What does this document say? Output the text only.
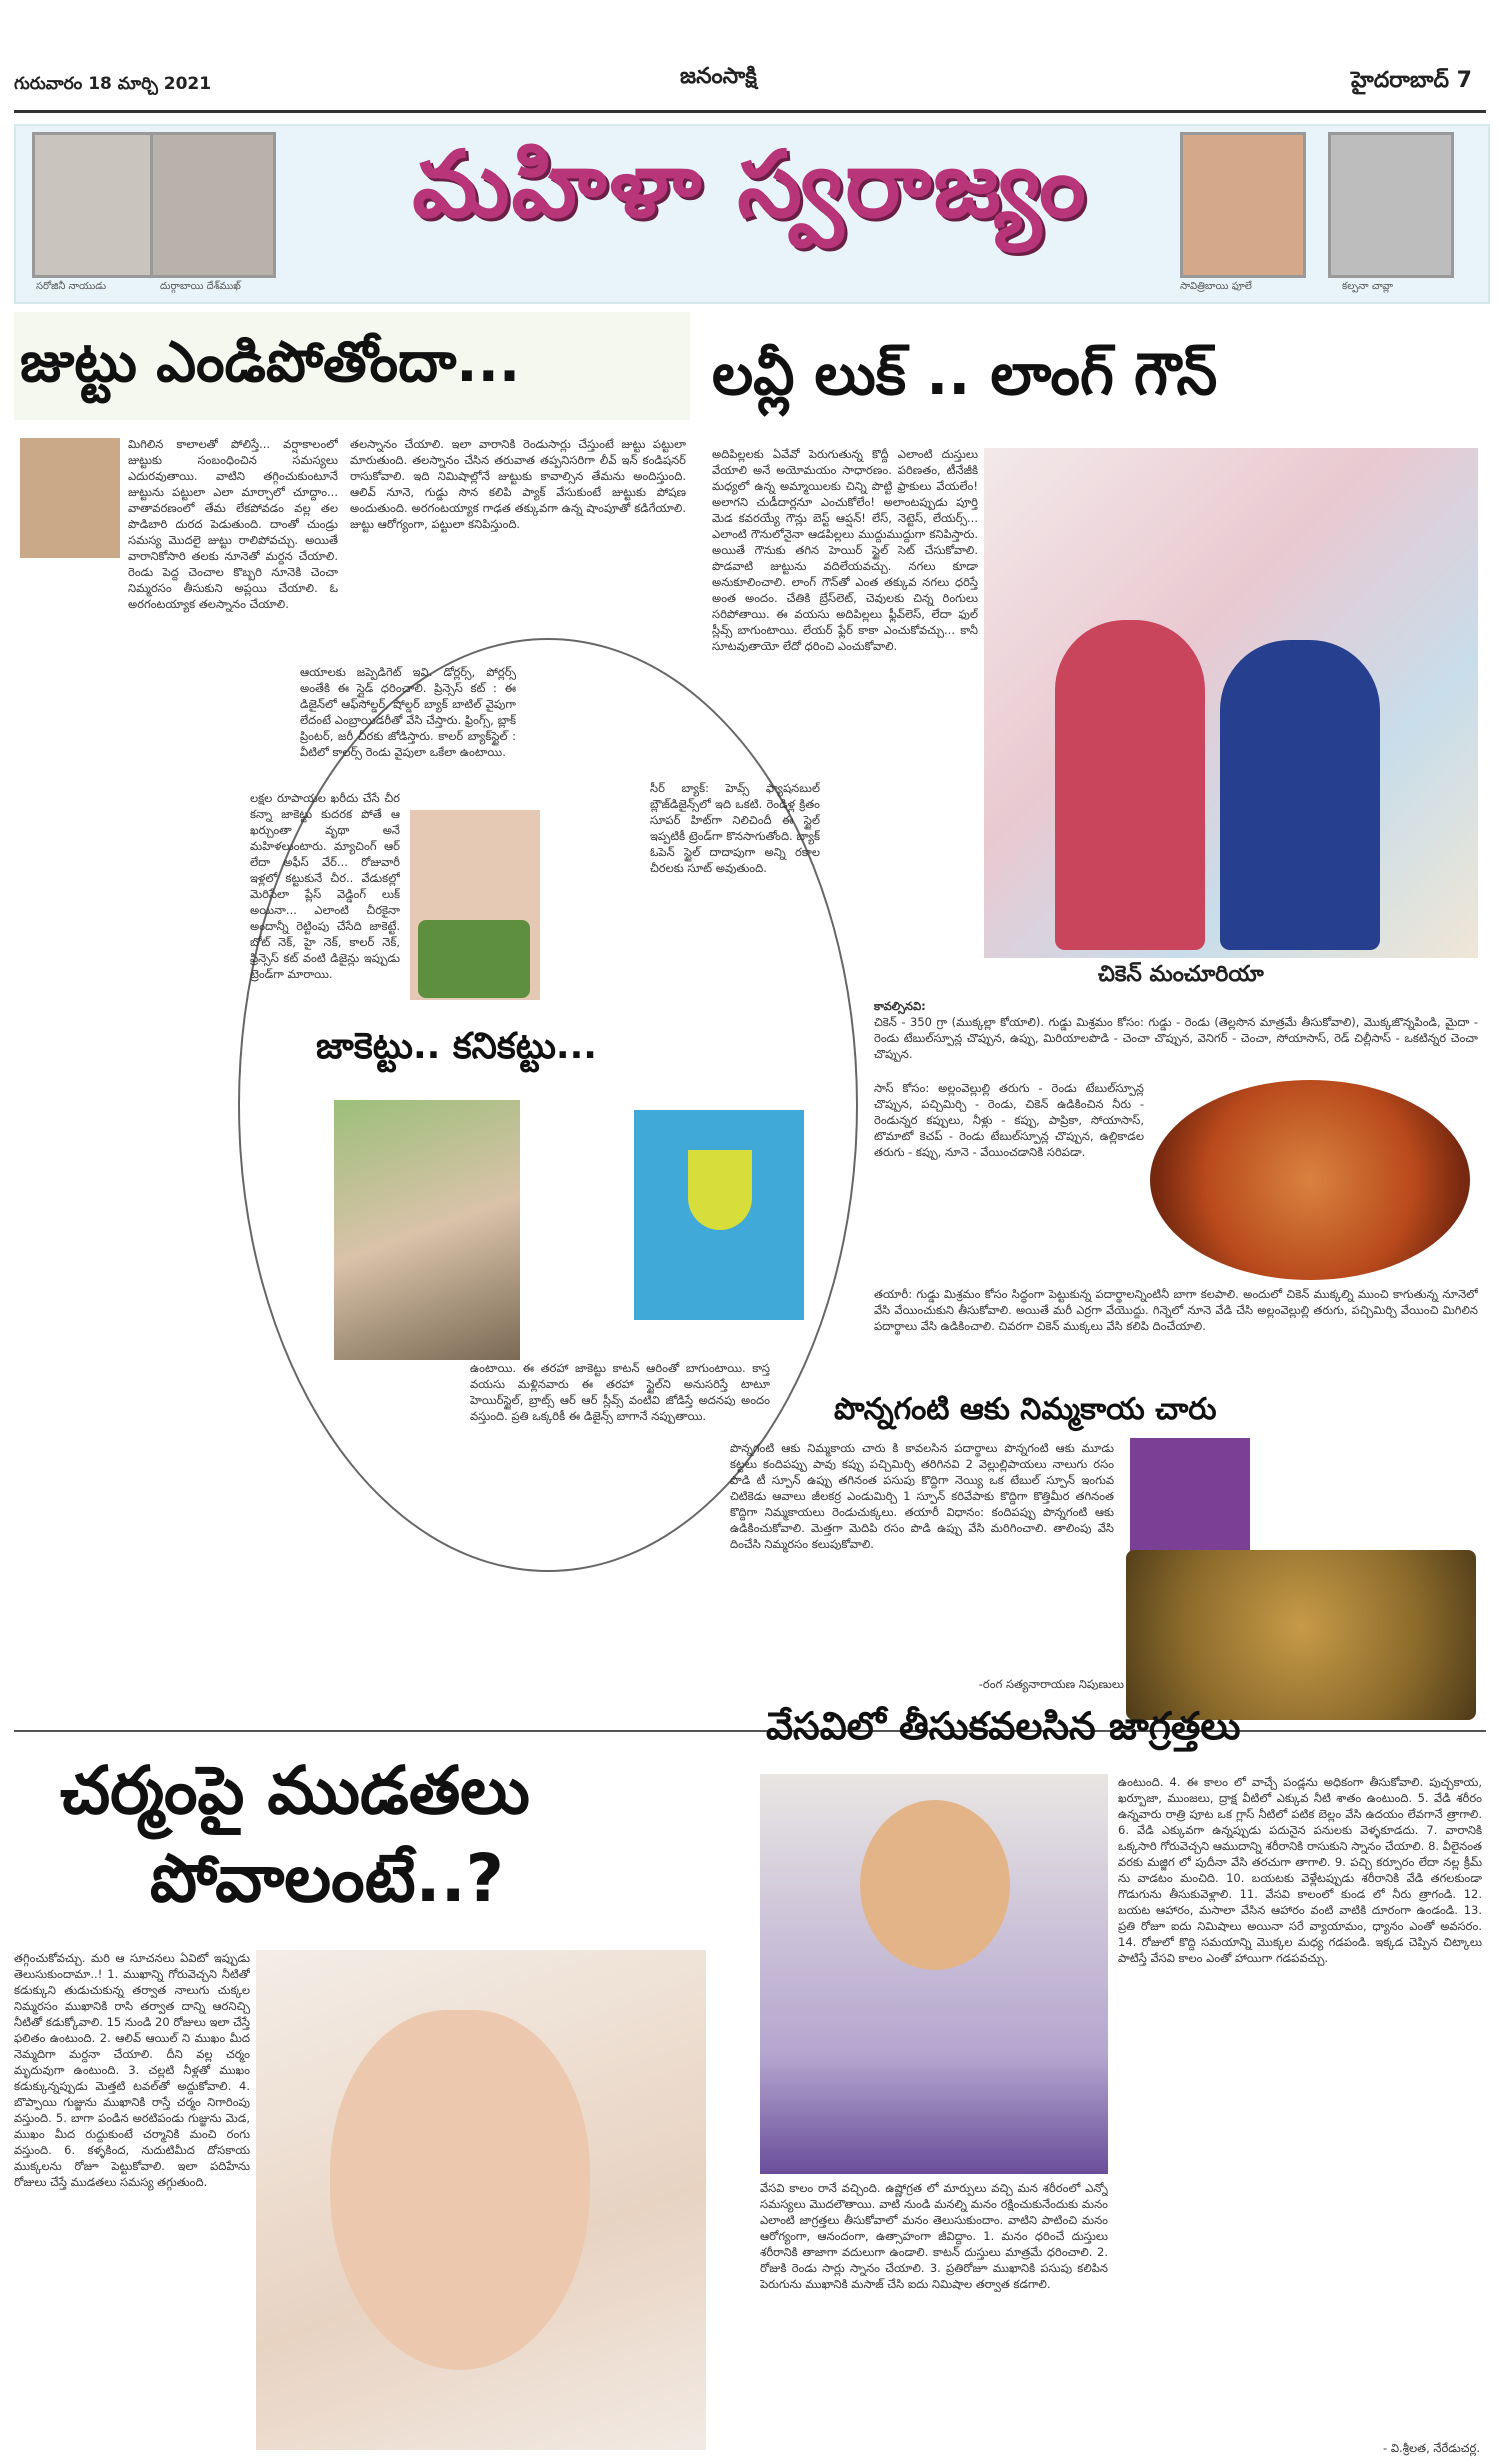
గురువారం 18 మార్చి 2021	జనంసాక్షి	హైదరాబాద్ 7
సరోజినీ నాయుడు	దుర్గాబాయి దేశ్‌ముఖ్	సావిత్రిబాయి ఫూలే	కల్పనా చావ్లా
మహిళా స్వరాజ్యం
జుట్టు ఎండిపోతోందా...
మిగిలిన కాలాలతో పోలిస్తే... వర్షాకాలంలో జుట్టుకు సంబంధించిన సమస్యలు ఎదురవుతాయి. వాటిని తగ్గించుకుంటూనే జుట్టును పట్టులా ఎలా మార్చాలో చూద్దాం... వాతావరణంలో తేమ లేకపోవడం వల్ల తల పొడిబారి దురద పెడుతుంది. దాంతో చుండ్రు సమస్య మొదలై జుట్టు రాలిపోవచ్చు. అయితే వారానికోసారి తలకు నూనెతో మర్దన చేయాలి. రెండు పెద్ద చెంచాల కొబ్బరి నూనెకి చెంచా నిమ్మరసం తీసుకుని అప్లయి చేయాలి. ఓ అరగంటయ్యాక తలస్నానం చేయాలి.
తలస్నానం చేయాలి. ఇలా వారానికి రెండుసార్లు చేస్తుంటే జుట్టు పట్టులా మారుతుంది. తలస్నానం చేసిన తరువాత తప్పనిసరిగా లీవ్ ఇన్ కండిషనర్ రాసుకోవాలి. ఇది నిమిషాల్లోనే జుట్టుకు కావాల్సిన తేమను అందిస్తుంది. ఆలివ్ నూనె, గుడ్డు సొన కలిపి ప్యాక్ వేసుకుంటే జుట్టుకు పోషణ అందుతుంది. అరగంటయ్యాక గాఢత తక్కువగా ఉన్న షాంపూతో కడిగేయాలి. జుట్టు ఆరోగ్యంగా, పట్టులా కనిపిస్తుంది.
లవ్లీ లుక్ .. లాంగ్ గౌన్
అదిపిల్లలకు ఏవేవో పెరుగుతున్న కొద్దీ ఎలాంటి దుస్తులు వేయాలి అనే అయోమయం సాధారణం. పరిణతం, టీనేజీకి మధ్యలో ఉన్న అమ్మాయిలకు చిన్ని పొట్టి ఫ్రాకులు వేయలేం! అలాగని చుడీదార్లనూ ఎంచుకోలేం! అలాంటప్పుడు పూర్తి మెడ కవరయ్యే గౌన్లు బెస్ట్ ఆప్షన్! లేస్, నెట్టెస్, లేయర్స్... ఎలాంటి గౌనులోనైనా ఆడపిల్లలు ముద్దుముద్దుగా కనిపిస్తారు. అయితే గౌనుకు తగిన హెయిర్ స్టైల్ సెట్ చేసుకోవాలి. పొడవాటి జుట్టును వదిలేయవచ్చు. నగలు కూడా అనుకూలించాలి. లాంగ్ గౌన్‌తో ఎంత తక్కువ నగలు ధరిస్తే అంత అందం. చేతికి బ్రేస్‌లెట్, చెవులకు చిన్న రింగులు సరిపోతాయి. ఈ వయసు అదిపిల్లలు ఫ్లీవ్‌లెస్, లేదా ఫుల్ స్లీవ్స్ బాగుంటాయి. లేయర్ ఫ్లేర్ కాకా ఎంచుకోవచ్చు... కానీ సూటవుతాయో లేదో ధరించి ఎంచుకోవాలి.
జాకెట్టు.. కనికట్టు...
ఆయాలకు జప్పెడిగెట్ ఇవి. డోర్లర్స్, పోర్లర్స్ అంతేకి ఈ స్లైడ్ ధరించాలి. ప్రిన్సెస్ కట్ : ఈ డిజైన్‌లో ఆఫ్‌సోల్డర్, షోల్డర్ బ్యాక్ బాటిల్ వైపుగా లేదంటే ఎంబ్రాయిడరీతో వేసి చేస్తారు. ఫ్రింగ్స్, బ్లాక్ ప్రింటర్, జరీ చీరకు జోడిస్తారు. కాలర్ బ్యాక్‌స్టైల్ : వీటిలో కాలర్స్ రెండు వైపులా ఒకేలా ఉంటాయి.
లక్షల రూపాయల ఖరీదు చేసే చీర కన్నా జాకెట్టు కుదరక పోతే ఆ ఖర్చుంతా వృథా అనే మహిళలుంటారు. మ్యాచింగ్ ఆర్ లేదా అఫీస్ వేర్... రోజువారీ ఇళ్లలో కట్టుకునే చీర.. వేడుకల్లో మెరిసేలా ప్లేస్ వెడ్డింగ్ లుక్ అయినా... ఎలాంటి చీరకైనా అందాన్నీ రెట్టింపు చేసేది జాకెట్టే. బోట్ నెక్, హై నెక్, కాలర్ నెక్, ప్రిన్సెస్ కట్ వంటి డిజైన్లు ఇప్పుడు ట్రెండ్‌గా మారాయి.
సీర్ బ్యాక్: హెవ్స్ ఫ్యాషనబుల్ బ్లౌజ్‌డిజైన్స్‌లో ఇది ఒకటి. రెండిళ్ల క్రితం సూపర్ హిట్‌గా నిలిచిందీ ఈ స్టైల్ ఇప్పటికీ ట్రెండ్‌గా కొనసాగుతోంది. బ్యాక్ ఓపెన్ స్టైల్ దాదాపుగా అన్ని రకాల చీరలకు సూట్ అవుతుంది.
ఉంటాయి. ఈ తరహా జాకెట్టు కాటన్ ఆరింతో బాగుంటాయి. కాస్త వయసు మళ్లినవారు ఈ తరహా స్టైల్‌ని అనుసరిస్తే టాటూ హెయిర్‌స్టైల్, బ్రాట్స్ ఆర్ ఆర్ స్లీవ్స్ వంటివి జోడిస్తే అదనపు అందం వస్తుంది. ప్రతి ఒక్కరికీ ఈ డిజైన్స్ బాగానే నప్పుతాయి.
చికెన్ మంచూరియా
కావల్సినవి:
చికెన్ - 350 గ్రా (ముక్కల్లా కోయాలి). గుడ్డు మిశ్రమం కోసం: గుడ్డు - రెండు (తెల్లసొన మాత్రమే తీసుకోవాలి), మొక్కజొన్నపిండి, మైదా - రెండు టేబుల్‌స్పూన్ల చొప్పున, ఉప్పు, మిరియాలపొడి - చెంచా చొప్పున, వెనిగర్ - చెంచా, సోయాసాస్, రెడ్ చిల్లీసాస్ - ఒకటిన్నర చెంచా చొప్పున.
సాస్ కోసం: అల్లంవెల్లుల్లి తరుగు - రెండు టేబుల్‌స్పూన్ల చొప్పున, పచ్చిమిర్చి - రెండు, చికెన్ ఉడికించిన నీరు - రెండున్నర కప్పులు, నీళ్లు - కప్పు, పాప్రికా, సోయాసాస్, టొమాటో కెచప్ - రెండు టేబుల్‌స్పూన్ల చొప్పున, ఉల్లికాడల తరుగు - కప్పు, నూనె - వేయించడానికి సరిపడా.
తయారీ: గుడ్డు మిశ్రమం కోసం సిద్ధంగా పెట్టుకున్న పదార్థాలన్నింటినీ బాగా కలపాలి. అందులో చికెన్ ముక్కల్ని ముంచి కాగుతున్న నూనెలో వేసి వేయించుకుని తీసుకోవాలి. అయితే మరీ ఎర్రగా వేయొద్దు. గిన్నెలో నూనె వేడి చేసి అల్లంవెల్లుల్లి తరుగు, పచ్చిమిర్చి వేయించి మిగిలిన పదార్థాలు వేసి ఉడికించాలి. చివరగా చికెన్ ముక్కలు వేసి కలిపి దించేయాలి.
పొన్నగంటి ఆకు నిమ్మకాయ చారు
పొన్నగంటి ఆకు నిమ్మకాయ చారు కి కావలసిన పదార్థాలు పొన్నగంటి ఆకు మూడు కట్టలు కందిపప్పు పావు కప్పు పచ్చిమిర్చి తరిగినవి 2 వెల్లుల్లిపాయలు నాలుగు రసం పొడి టీ స్పూన్ ఉప్పు తగినంత పసుపు కొద్దిగా నెయ్యి ఒక టేబుల్ స్పూన్ ఇంగువ చిటికెడు ఆవాలు జీలకర్ర ఎండుమిర్చి 1 స్పూన్ కరివేపాకు కొద్దిగా కొత్తిమీర తగినంత కొద్దిగా నిమ్మకాయలు రెండుచుక్కలు. తయారీ విధానం: కందిపప్పు పొన్నగంటి ఆకు ఉడికించుకోవాలి. మెత్తగా మెదిపి రసం పొడి ఉప్పు వేసి మరిగించాలి. తాలింపు వేసి దించేసి నిమ్మరసం కలుపుకోవాలి.
-రంగ సత్యనారాయణ నిపుణులు
చర్మంపై ముడతలు
పోవాలంటే..?
తగ్గించుకోవచ్చు. మరి ఆ సూచనలు ఏవిటో ఇప్పుడు తెలుసుకుందామా..! 1. ముఖాన్ని గోరువెచ్చని నీటితో కడుక్కుని తుడుచుకున్న తర్వాత నాలుగు చుక్కల నిమ్మరసం ముఖానికి రాసి తర్వాత దాన్ని ఆరనిచ్చి నీటితో కడుక్కోవాలి. 15 నుండి 20 రోజులు ఇలా చేస్తే ఫలితం ఉంటుంది. 2. ఆలివ్ ఆయిల్ ని ముఖం మీద నెమ్మదిగా మర్దనా చేయాలి. దీని వల్ల చర్మం మృదువుగా ఉంటుంది. 3. చల్లటి నీళ్లతో ముఖం కడుక్కున్నప్పుడు మెత్తటి టవల్‌తో అద్దుకోవాలి. 4. బొప్పాయి గుజ్జును ముఖానికి రాస్తే చర్మం నిగారింపు వస్తుంది. 5. బాగా పండిన అరటిపండు గుజ్జును మెడ, ముఖం మీద రుద్దుకుంటే చర్మానికి మంచి రంగు వస్తుంది. 6. కళ్ళకింద, నుదుటిమీద దోసకాయ ముక్కలను రోజూ పెట్టుకోవాలి. ఇలా పదిహేను రోజులు చేస్తే ముడతలు సమస్య తగ్గుతుంది.
వేసవిలో తీసుకవలసిన జాగ్రత్తలు
వేసవి కాలం రానే వచ్చింది. ఉష్ణోగ్రత లో మార్పులు వచ్చి మన శరీరంలో ఎన్నో సమస్యలు మొదలౌతాయి. వాటి నుండి మనల్ని మనం రక్షించుకునేందుకు మనం ఎలాంటి జాగ్రత్తలు తీసుకోవాలో మనం తెలుసుకుందాం. వాటిని పాటించి మనం ఆరోగ్యంగా, ఆనందంగా, ఉత్సాహంగా జీవిద్దాం. 1. మనం ధరించే దుస్తులు శరీరానికి తాజాగా వదులుగా ఉండాలి. కాటన్ దుస్తులు మాత్రమే ధరించాలి. 2. రోజుకి రెండు సార్లు స్నానం చేయాలి. 3. ప్రతిరోజూ ముఖానికి పసుపు కలిపిన పెరుగును ముఖానికి మసాజ్ చేసి ఐదు నిమిషాల తర్వాత కడగాలి.
ఉంటుంది. 4. ఈ కాలం లో వాచ్చే పండ్లను అధికంగా తీసుకోవాలి. పుచ్చకాయ, ఖర్బూజా, ముంజలు, ద్రాక్ష వీటిలో ఎక్కువ నీటి శాతం ఉంటుంది. 5. వేడి శరీరం ఉన్నవారు రాత్రి పూట ఒక గ్లాస్ నీటిలో పటిక బెల్లం వేసి ఉదయం లేవగానే త్రాగాలి. 6. వేడి ఎక్కువగా ఉన్నప్పుడు పదునైన పనులకు వెళ్ళకూడదు. 7. వారానికి ఒక్కసారి గోరువెచ్చని ఆముదాన్ని శరీరానికి రాసుకుని స్నానం చేయాలి. 8. వీలైనంత వరకు మజ్జిగ లో పుదీనా వేసి తరచుగా తాగాలి. 9. పచ్చి కర్పూరం లేదా నల్ల క్రీమ్ ను వాడటం మంచిది. 10. బయటకు వెళ్లేటప్పుడు శరీరానికి వేడి తగలకుండా గొడుగును తీసుకువెళ్లాలి. 11. వేసవి కాలంలో కుండ లో నీరు త్రాగండి. 12. బయట ఆహారం, మసాలా వేసిన ఆహారం వంటి వాటికి దూరంగా ఉండండి. 13. ప్రతి రోజూ ఐదు నిమిషాలు అయినా సరే వ్యాయామం, ధ్యానం ఎంతో అవసరం. 14. రోజులో కొద్ది సమయాన్ని మొక్కల మధ్య గడపండి. ఇక్కడ చెప్పిన చిట్కాలు పాటిస్తే వేసవి కాలం ఎంతో హాయిగా గడపవచ్చు.
- వి.శ్రీలత, నేరేడుచర్ల.
